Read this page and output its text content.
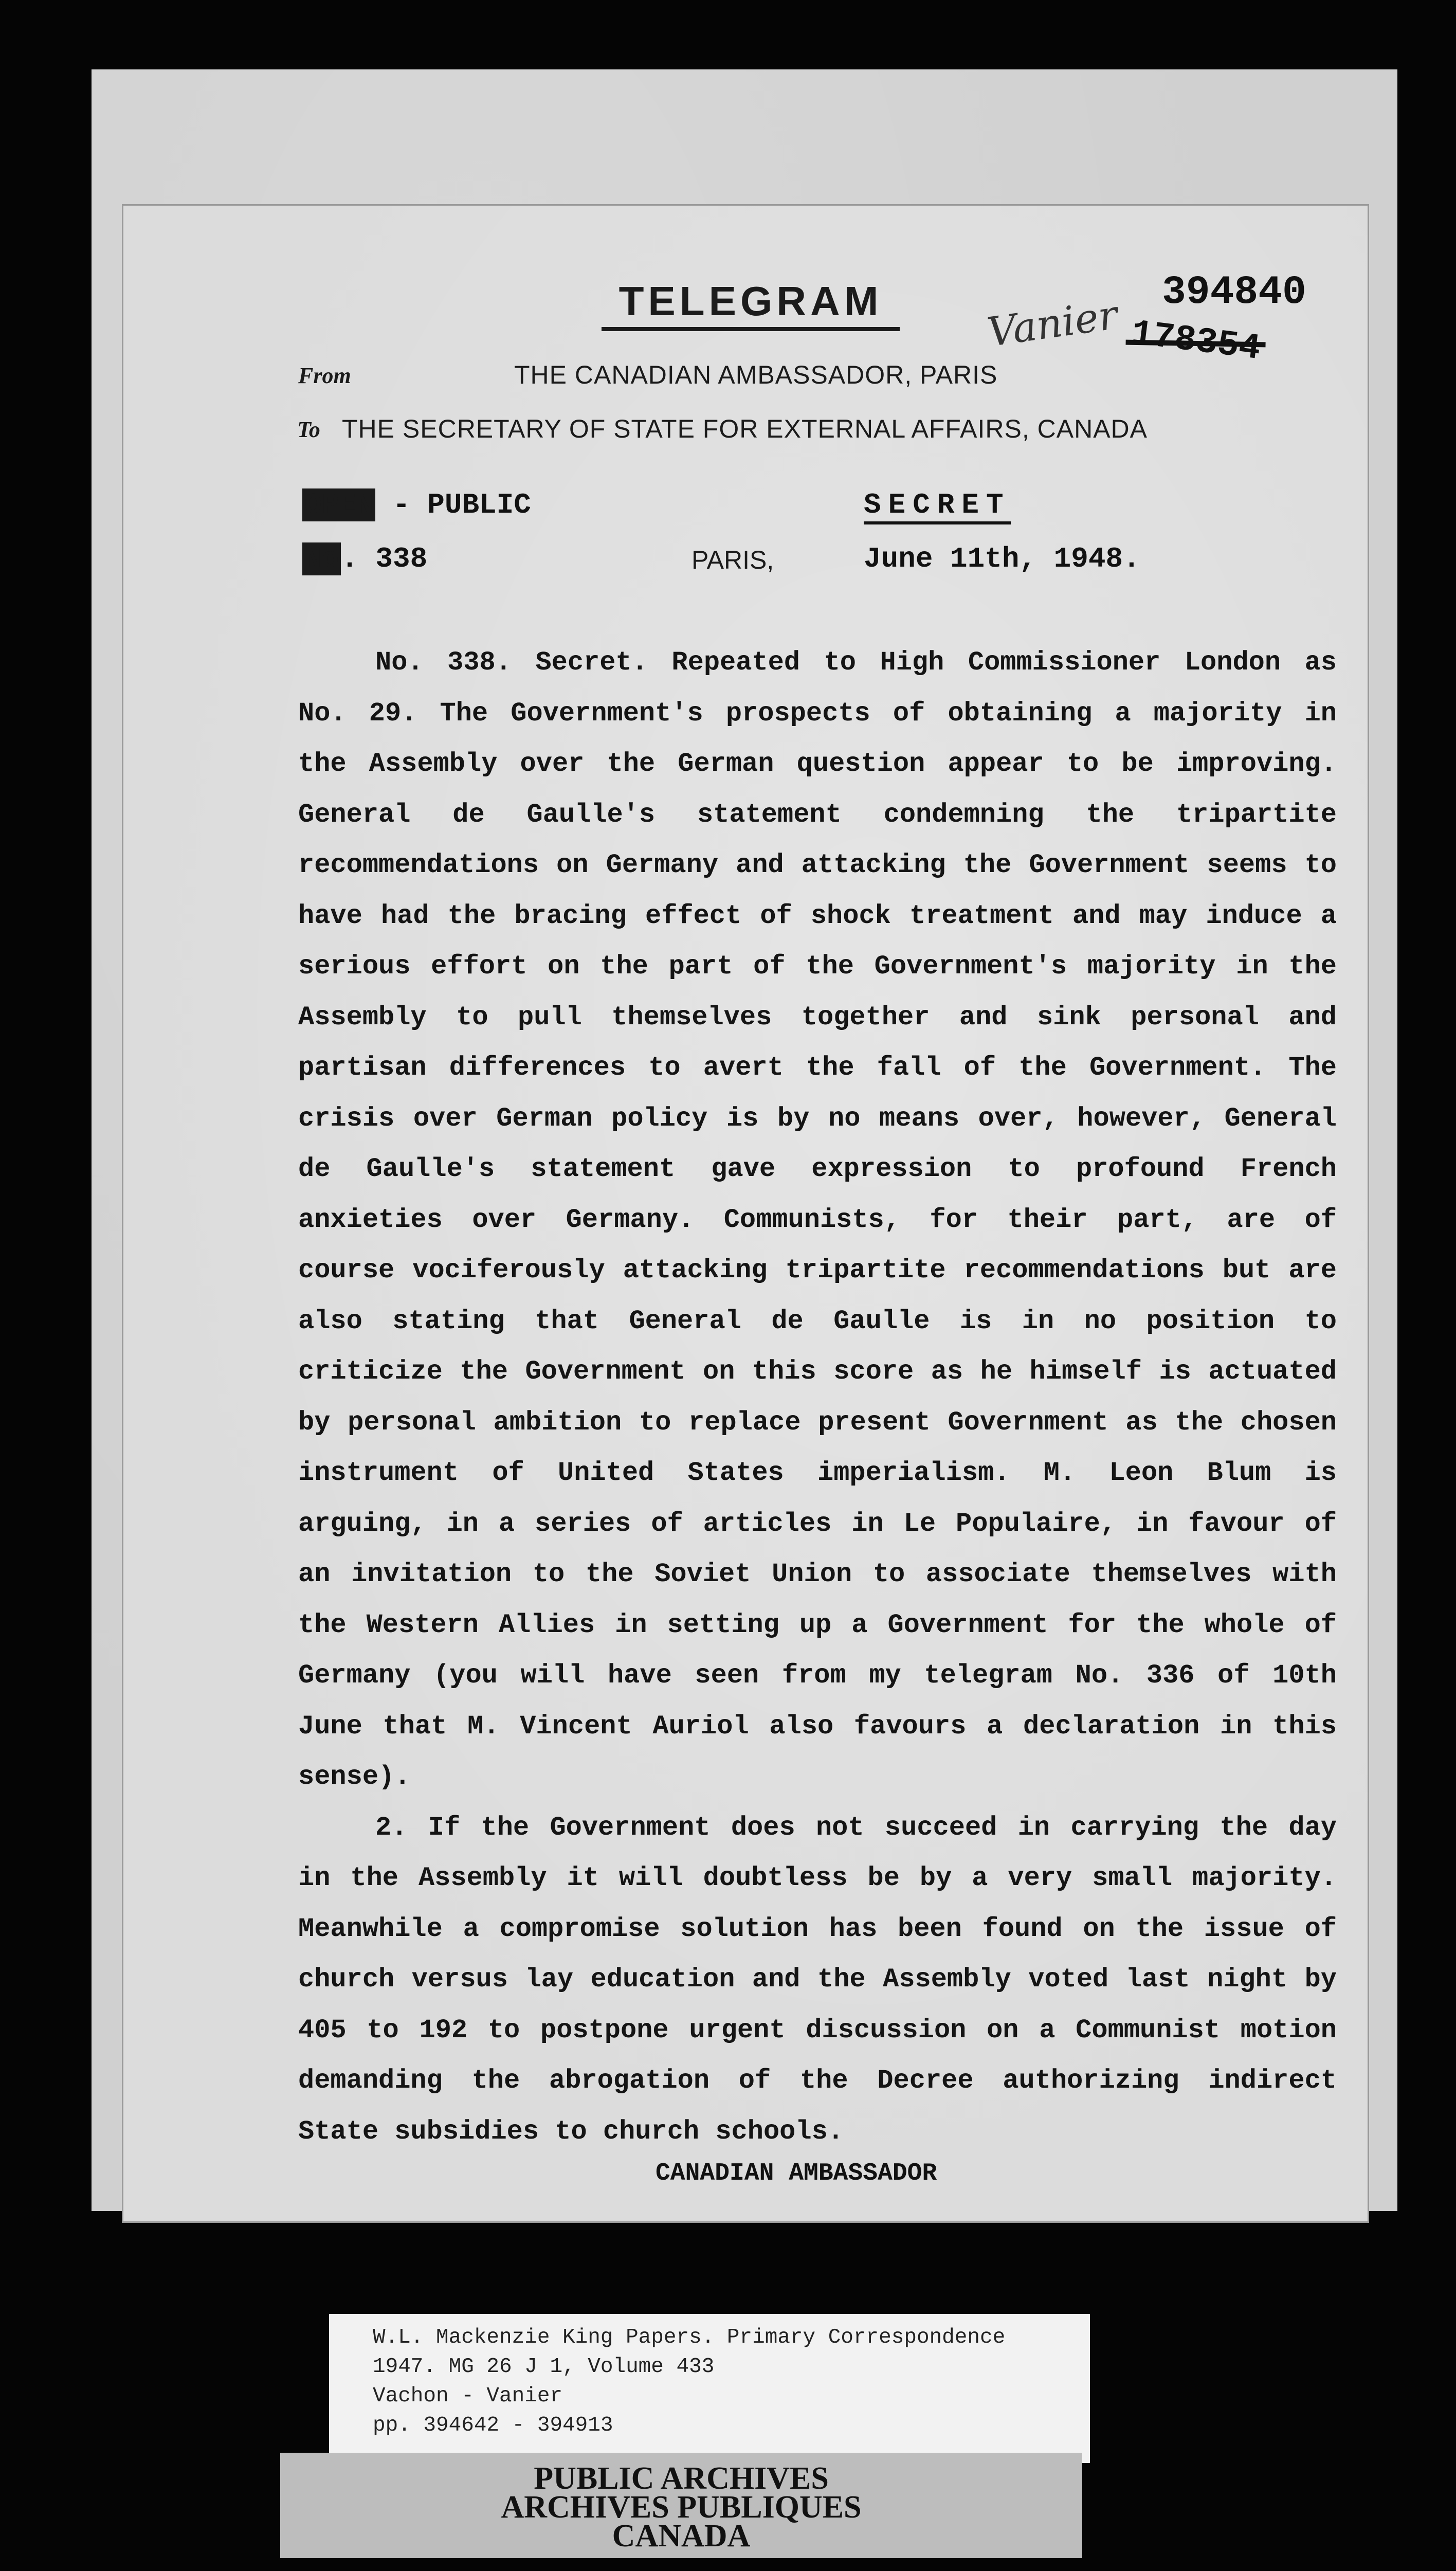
TELEGRAM	Vanier 394840
178354
From	THE CANADIAN AMBASSADOR, PARIS
To THE SECRETARY OF STATE FOR EXTERNAL AFFAIRS, CANADA
OPEN - PUBLIC
No. 338
SECRET
PARIS,	June 11th, 1948.

No. 338. Secret. Repeated to High Commissioner London as No. 29. The Government's prospects of obtaining a majority in the Assembly over the German question appear to be improving. General de Gaulle's statement condemning the tripartite recommendations on Germany and attacking the Government seems to have had the bracing effect of shock treatment and may induce a serious effort on the part of the Government's majority in the Assembly to pull themselves together and sink personal and partisan differences to avert the fall of the Government. The crisis over German policy is by no means over, however, General de Gaulle's statement gave expression to profound French anxieties over Germany. Communists, for their part, are of course vociferously attacking tripartite recommendations but are also stating that General de Gaulle is in no position to criticize the Government on this score as he himself is actuated by personal ambition to replace present Government as the chosen instrument of United States imperialism. M. Leon Blum is arguing, in a series of articles in Le Populaire, in favour of an invitation to the Soviet Union to associate themselves with the Western Allies in setting up a Government for the whole of Germany (you will have seen from my telegram No. 336 of 10th June that M. Vincent Auriol also favours a declaration in this sense).

2. If the Government does not succeed in carrying the day in the Assembly it will doubtless be by a very small majority. Meanwhile a compromise solution has been found on the issue of church versus lay education and the Assembly voted last night by 405 to 192 to postpone urgent discussion on a Communist motion demanding the abrogation of the Decree authorizing indirect State subsidies to church schools.

CANADIAN AMBASSADOR
W.L. Mackenzie King Papers. Primary Correspondence
1947. MG 26 J 1, Volume 433
Vachon - Vanier
pp. 394642 - 394913
PUBLIC ARCHIVES
ARCHIVES PUBLIQUES
CANADA
